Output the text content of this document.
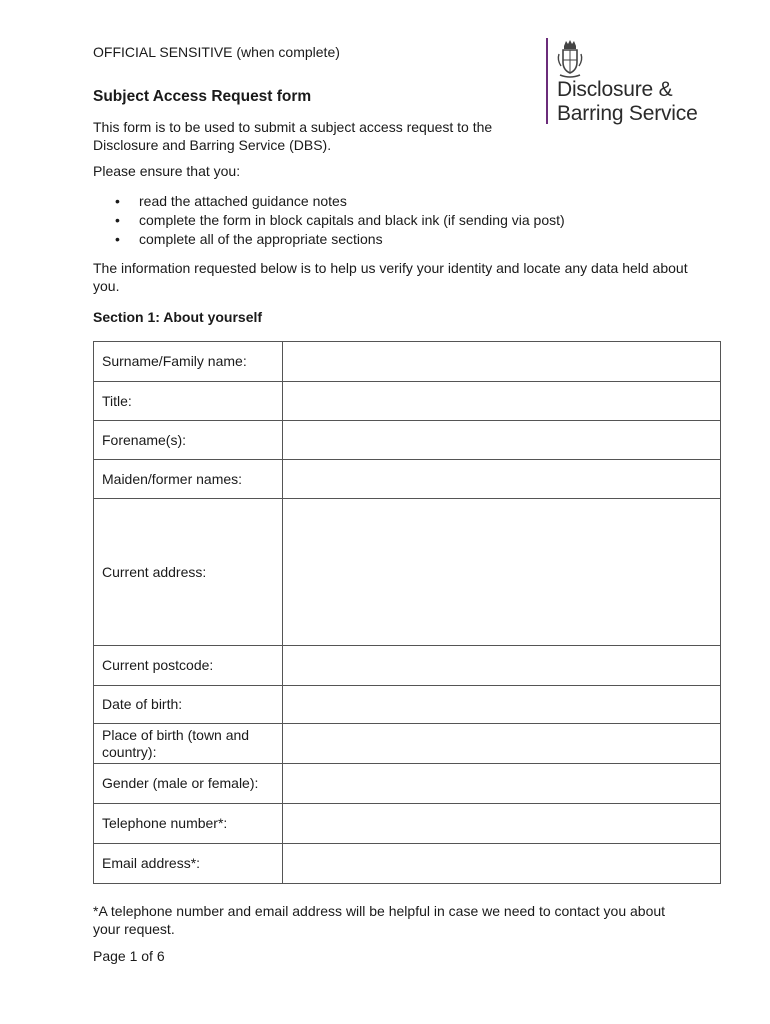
OFFICIAL SENSITIVE (when complete)
Disclosure &
Barring Service
Subject Access Request form
This form is to be used to submit a subject access request to the Disclosure and Barring Service (DBS).
Please ensure that you:
• read the attached guidance notes
• complete the form in block capitals and black ink (if sending via post)
• complete all of the appropriate sections
The information requested below is to help us verify your identity and locate any data held about you.
Section 1: About yourself
Surname/Family name:	
Title:	
Forename(s):	
Maiden/former names:	
Current address:	
Current postcode:	
Date of birth:	
Place of birth (town and country):	
Gender (male or female):	
Telephone number*:	
Email address*:	
*A telephone number and email address will be helpful in case we need to contact you about your request.
Page 1 of 6
